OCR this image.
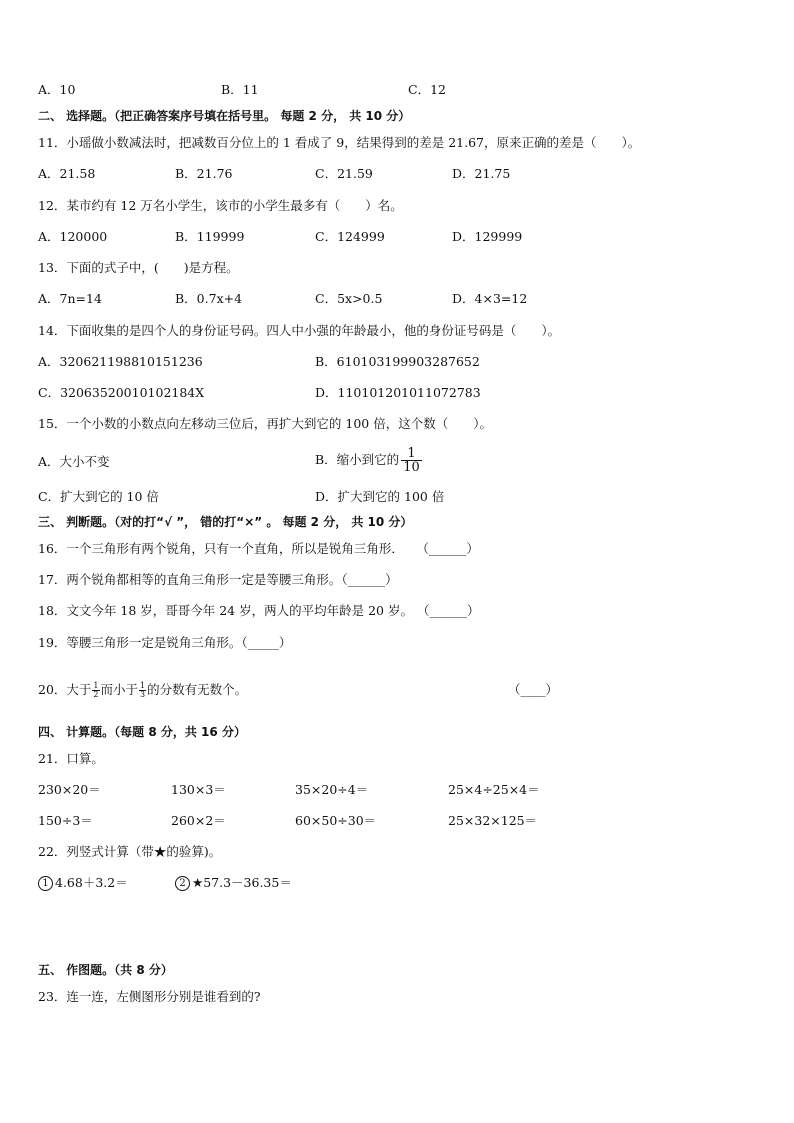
A．10	B．11	C．12
二、 选择题。（把正确答案序号填在括号里。 每题 2 分， 共 10 分）
11．小瑶做小数减法时，把减数百分位上的 1 看成了 9，结果得到的差是 21.67，原来正确的差是（　　）。
A．21.58	B．21.76	C．21.59	D．21.75
12．某市约有 12 万名小学生，该市的小学生最多有（　　）名。
A．120000	B．119999	C．124999	D．129999
13．下面的式子中，(　　)是方程。
A．7n=14	B．0.7x+4	C．5x>0.5	D．4×3=12
14．下面收集的是四个人的身份证号码。四人中小强的年龄最小，他的身份证号码是（　　）。
A．320621198810151236	B．610103199903287652
C．32063520010102184X	D．110101201011072783
15．一个小数的小数点向左移动三位后，再扩大到它的 100 倍，这个数（　　）。
A．大小不变	B．缩小到它的 $\frac{1}{10}$
C．扩大到它的 10 倍	D．扩大到它的 100 倍
三、 判断题。（对的打“√ ”， 错的打“×” 。 每题 2 分， 共 10 分）
16．一个三角形有两个锐角，只有一个直角，所以是锐角三角形．　　（______）
17．两个锐角都相等的直角三角形一定是等腰三角形。（______）
18．文文今年 18 岁，哥哥今年 24 岁，两人的平均年龄是 20 岁。 （______）
19．等腰三角形一定是锐角三角形。（_____）
20．大于 $\frac{1}{2}$ 而小于 $\frac{1}{3}$ 的分数有无数个。	（____）
四、 计算题。（每题 8 分，共 16 分）
21．口算。
230×20＝	130×3＝	35×20÷4＝	25×4÷25×4＝
150÷3＝	260×2＝	60×50÷30＝	25×32×125＝
22．列竖式计算（带★的验算)。
1 4.68＋3.2＝	2 ★57.3－36.35＝
五、 作图题。（共 8 分）
23．连一连，左侧图形分别是谁看到的?
